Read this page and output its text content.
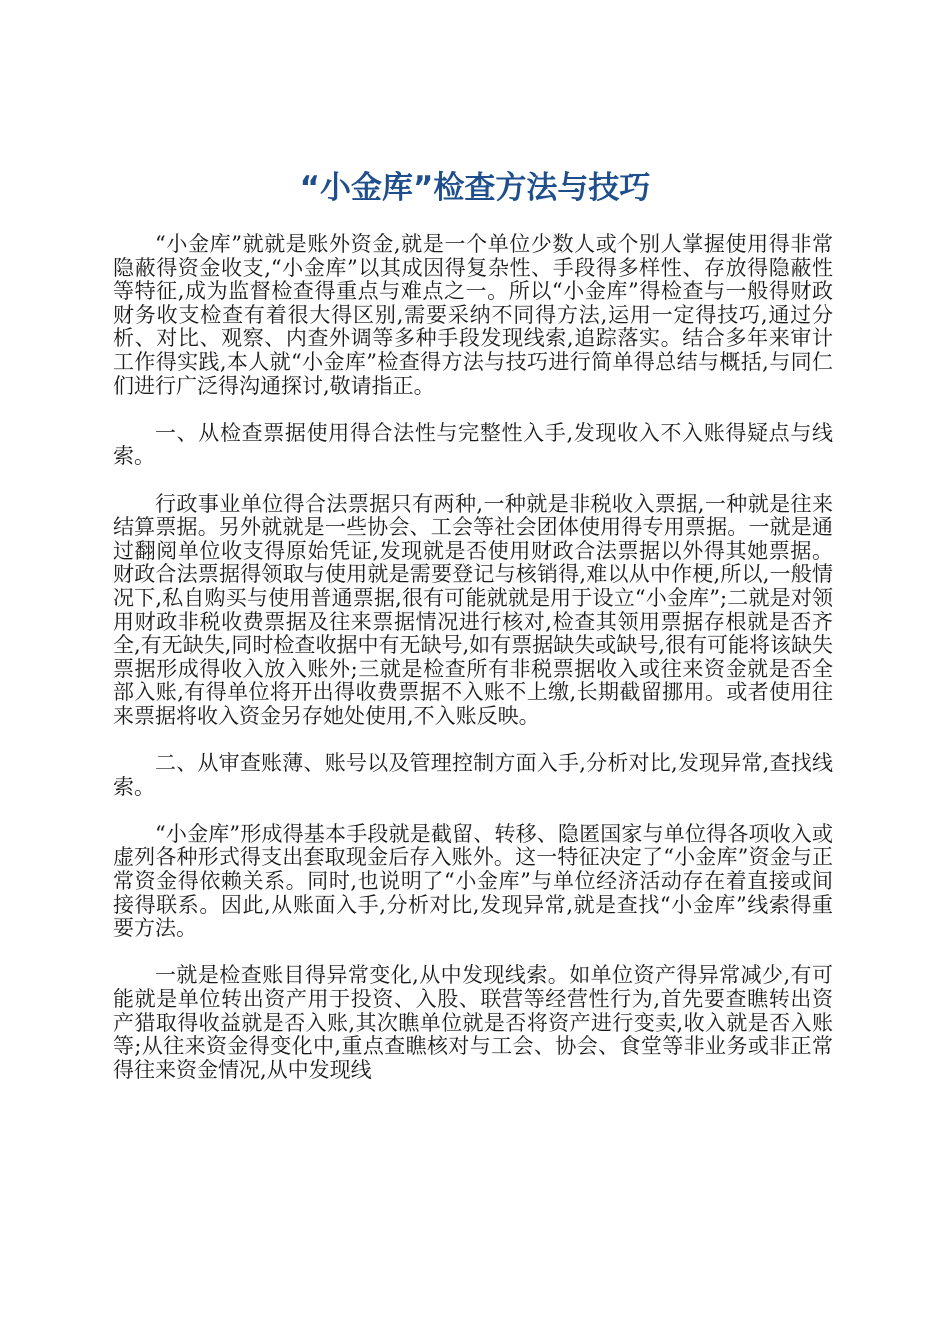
“小金库”检查方法与技巧

“小金库”就就是账外资金,就是一个单位少数人或个别人掌握使用得非常隐蔽得资金收支,“小金库”以其成因得复杂性、手段得多样性、存放得隐蔽性等特征,成为监督检查得重点与难点之一。所以“小金库”得检查与一般得财政财务收支检查有着很大得区别,需要采纳不同得方法,运用一定得技巧,通过分析、对比、观察、内查外调等多种手段发现线索,追踪落实。结合多年来审计工作得实践,本人就“小金库”检查得方法与技巧进行简单得总结与概括,与同仁们进行广泛得沟通探讨,敬请指正。

一、从检查票据使用得合法性与完整性入手,发现收入不入账得疑点与线索。

行政事业单位得合法票据只有两种,一种就是非税收入票据,一种就是往来结算票据。另外就就是一些协会、工会等社会团体使用得专用票据。一就是通过翻阅单位收支得原始凭证,发现就是否使用财政合法票据以外得其她票据。财政合法票据得领取与使用就是需要登记与核销得,难以从中作梗,所以,一般情况下,私自购买与使用普通票据,很有可能就就是用于设立“小金库”;二就是对领用财政非税收费票据及往来票据情况进行核对,检查其领用票据存根就是否齐全,有无缺失,同时检查收据中有无缺号,如有票据缺失或缺号,很有可能将该缺失票据形成得收入放入账外;三就是检查所有非税票据收入或往来资金就是否全部入账,有得单位将开出得收费票据不入账不上缴,长期截留挪用。或者使用往来票据将收入资金另存她处使用,不入账反映。

二、从审查账薄、账号以及管理控制方面入手,分析对比,发现异常,查找线索。

“小金库”形成得基本手段就是截留、转移、隐匿国家与单位得各项收入或虚列各种形式得支出套取现金后存入账外。这一特征决定了“小金库”资金与正常资金得依赖关系。同时,也说明了“小金库”与单位经济活动存在着直接或间接得联系。因此,从账面入手,分析对比,发现异常,就是查找“小金库”线索得重要方法。

一就是检查账目得异常变化,从中发现线索。如单位资产得异常减少,有可能就是单位转出资产用于投资、入股、联营等经营性行为,首先要查瞧转出资产猎取得收益就是否入账,其次瞧单位就是否将资产进行变卖,收入就是否入账等;从往来资金得变化中,重点查瞧核对与工会、协会、食堂等非业务或非正常得往来资金情况,从中发现线
